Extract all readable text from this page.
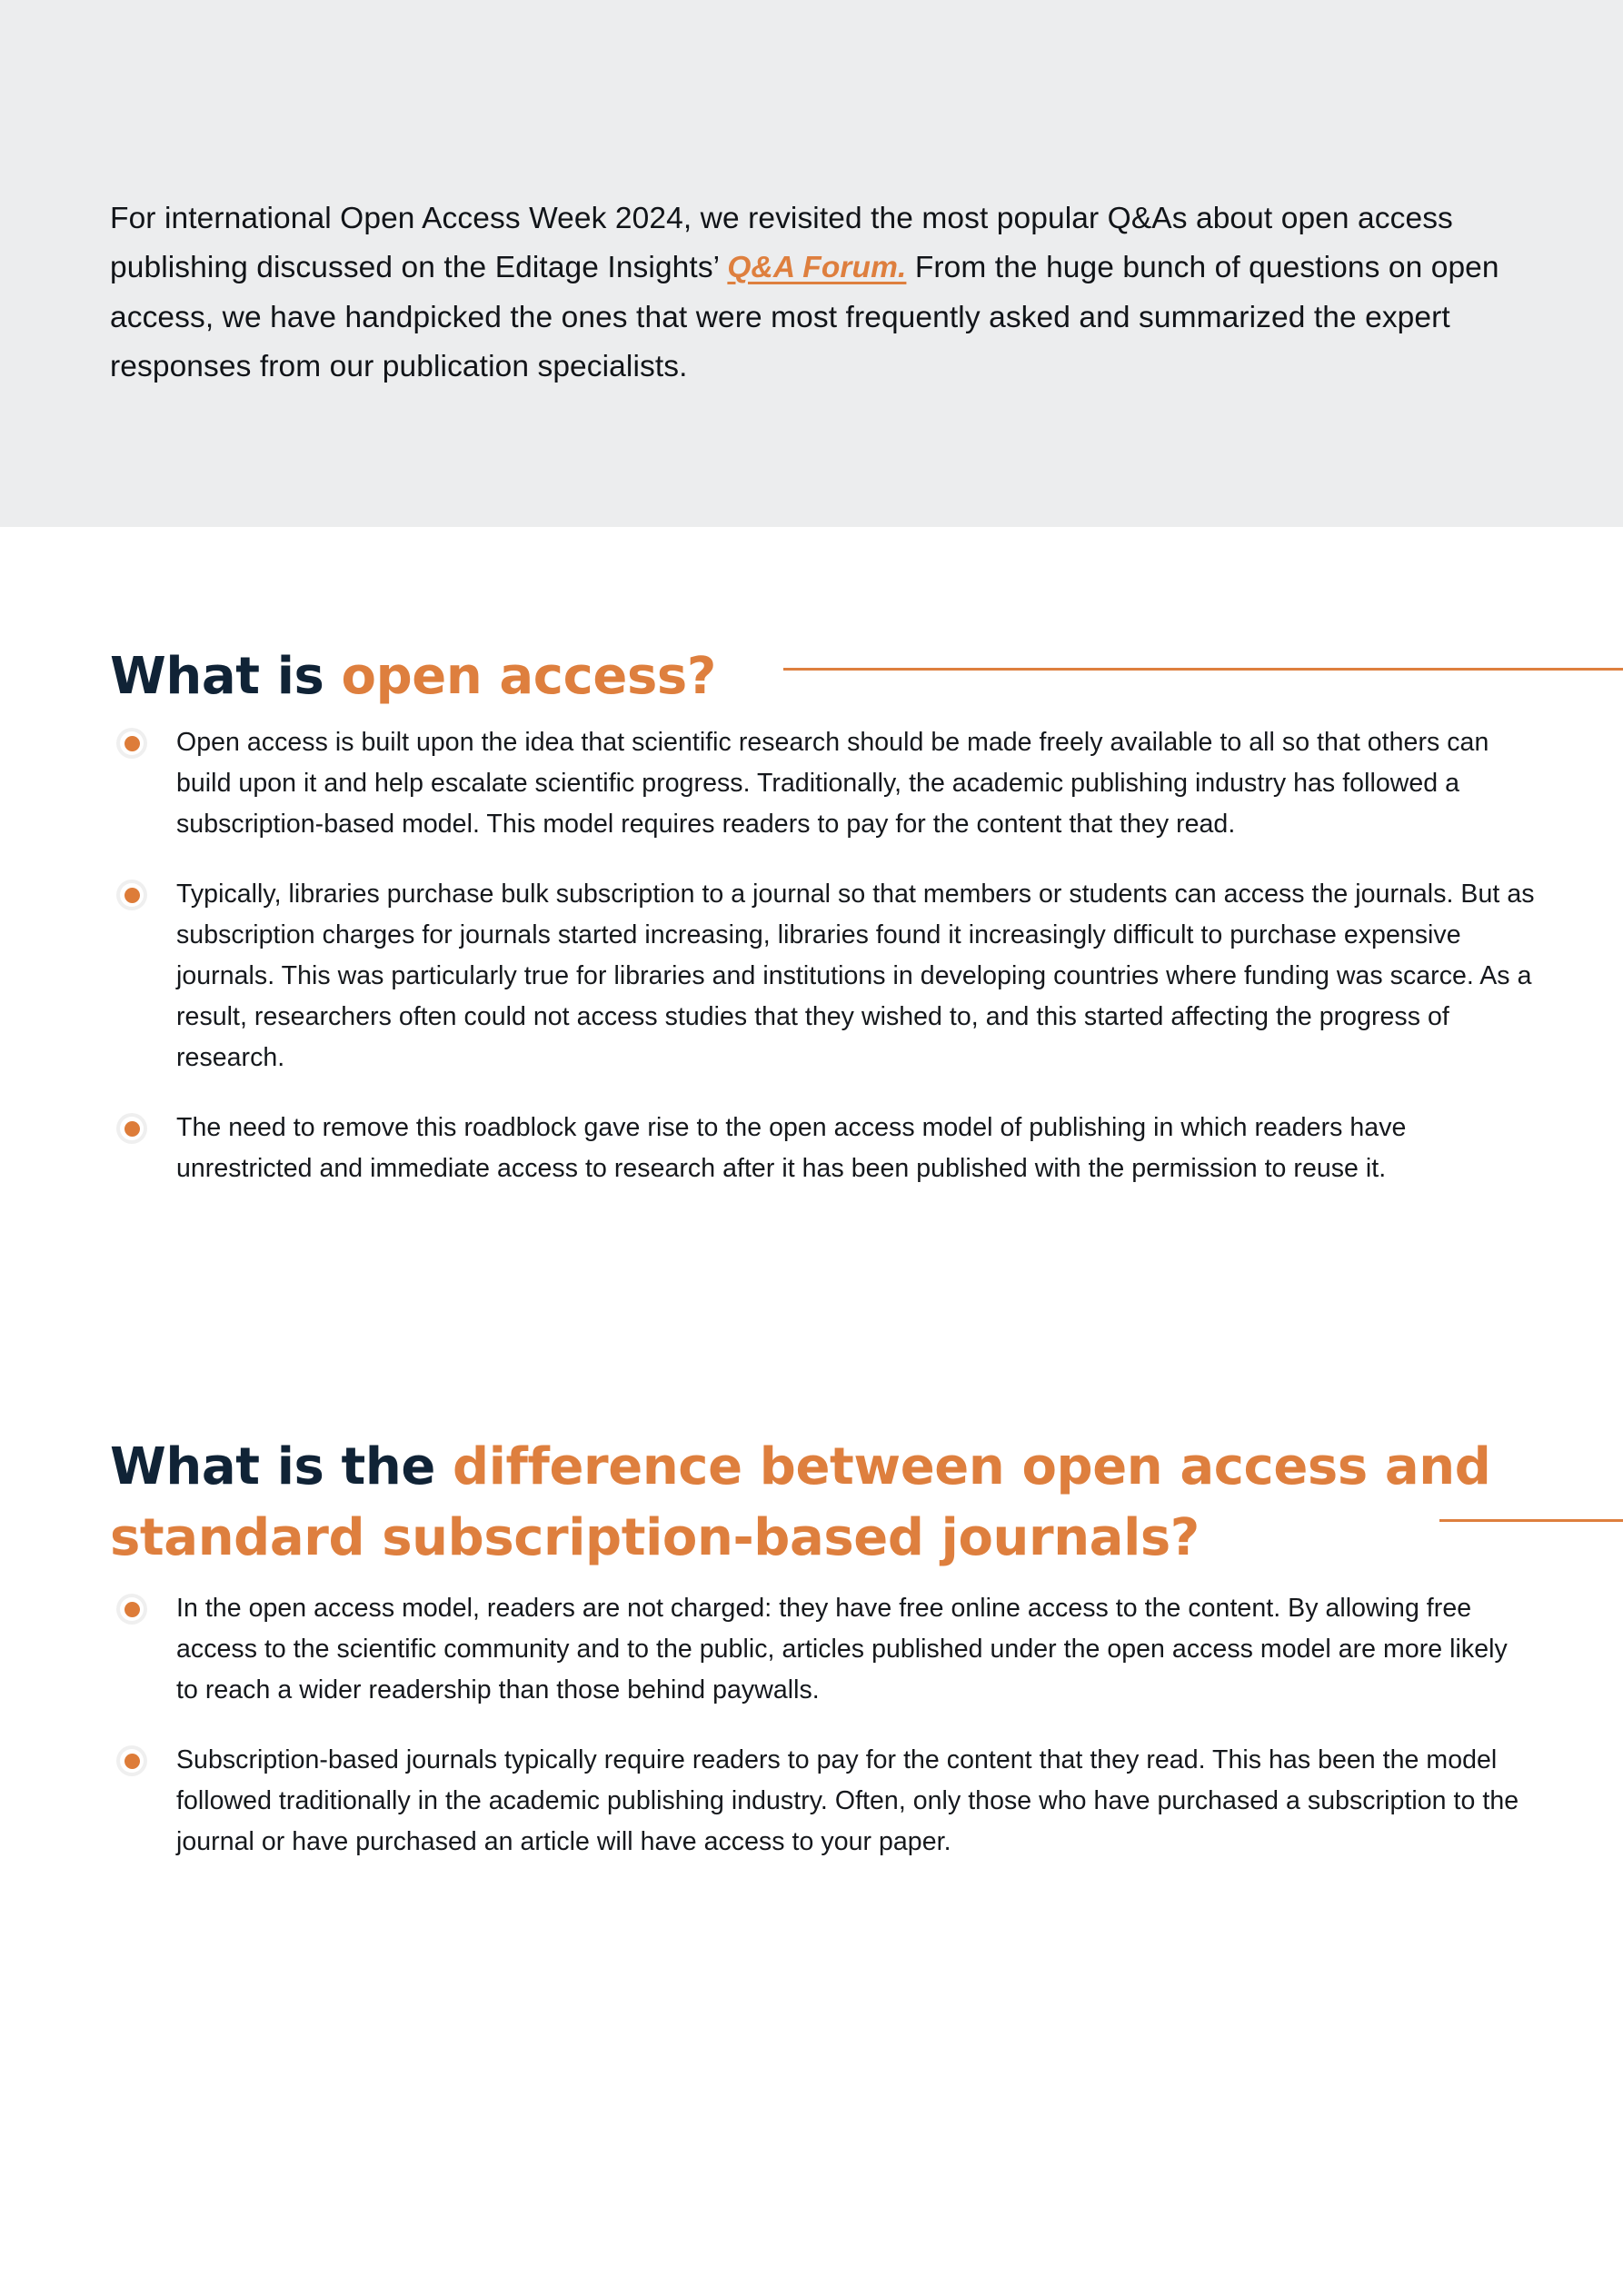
For international Open Access Week 2024, we revisited the most popular Q&As about open access publishing discussed on the Editage Insights’ Q&A Forum. From the huge bunch of questions on open access, we have handpicked the ones that were most frequently asked and summarized the expert responses from our publication specialists.

What is open access?
Open access is built upon the idea that scientific research should be made freely available to all so that others can build upon it and help escalate scientific progress. Traditionally, the academic publishing industry has followed a subscription-based model. This model requires readers to pay for the content that they read.
Typically, libraries purchase bulk subscription to a journal so that members or students can access the journals. But as subscription charges for journals started increasing, libraries found it increasingly difficult to purchase expensive journals. This was particularly true for libraries and institutions in developing countries where funding was scarce. As a result, researchers often could not access studies that they wished to, and this started affecting the progress of research.
The need to remove this roadblock gave rise to the open access model of publishing in which readers have unrestricted and immediate access to research after it has been published with the permission to reuse it.
What is the difference between open access and standard subscription-based journals?
In the open access model, readers are not charged: they have free online access to the content. By allowing free access to the scientific community and to the public, articles published under the open access model are more likely to reach a wider readership than those behind paywalls.
Subscription-based journals typically require readers to pay for the content that they read. This has been the model followed traditionally in the academic publishing industry. Often, only those who have purchased a subscription to the journal or have purchased an article will have access to your paper.
